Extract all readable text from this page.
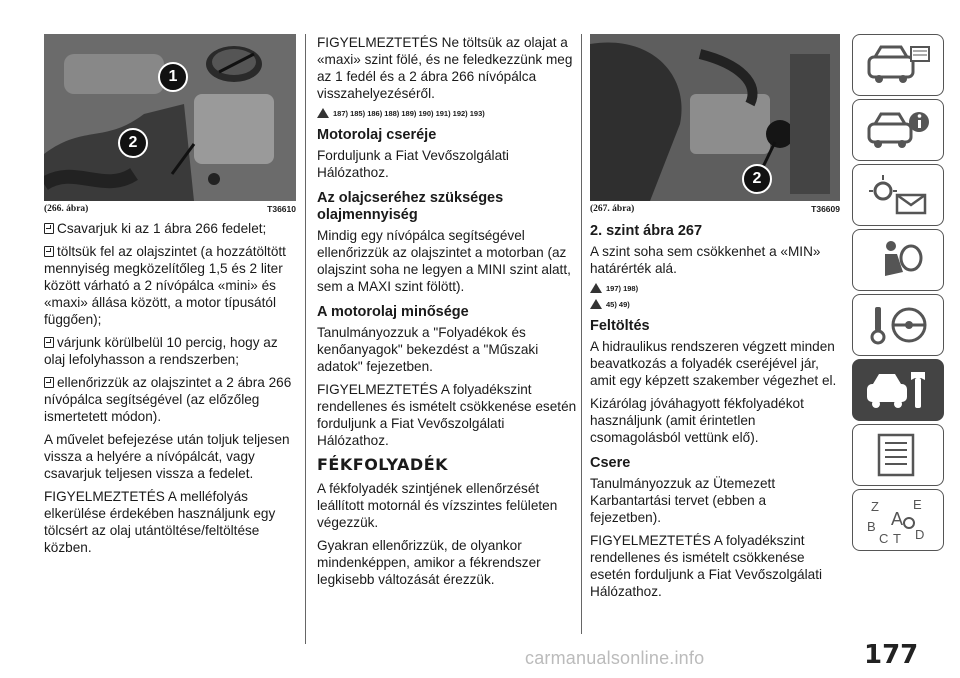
1
2
(266. ábra)	T36610

Csavarjuk ki az 1 ábra 266 fedelet;

töltsük fel az olajszintet (a hozzátöltött mennyiség megközelítőleg 1,5 és 2 liter között várható a 2 nívópálca «mini» és «maxi» állása között, a motor típusától függően);

várjunk körülbelül 10 percig, hogy az olaj lefolyhasson a rendszerben;

ellenőrizzük az olajszintet a 2 ábra 266 nívópálca segítségével (az előzőleg ismertetett módon).

A művelet befejezése után toljuk teljesen vissza a helyére a nívópálcát, vagy csavarjuk teljesen vissza a fedelet.

FIGYELMEZTETÉS A melléfolyás elkerülése érdekében használjunk egy tölcsért az olaj utántöltése/feltöltése közben.

FIGYELMEZTETÉS Ne töltsük az olajat a «maxi» szint fölé, és ne feledkezzünk meg az 1 fedél és a 2 ábra 266 nívópálca visszahelyezéséről.

187) 185) 186) 188) 189) 190) 191) 192) 193)
Motorolaj cseréje

Forduljunk a Fiat Vevőszolgálati Hálózathoz.

Az olajcseréhez szükséges olajmennyiség

Mindig egy nívópálca segítségével ellenőrizzük az olajszintet a motorban (az olajszint soha ne legyen a MINI szint alatt, sem a MAXI szint fölött).

A motorolaj minősége

Tanulmányozzuk a "Folyadékok és kenőanyagok" bekezdést a "Műszaki adatok" fejezetben.

FIGYELMEZTETÉS A folyadékszint rendellenes és ismételt csökkenése esetén forduljunk a Fiat Vevőszolgálati Hálózathoz.

FÉKFOLYADÉK

A fékfolyadék szintjének ellenőrzését leállított motornál és vízszintes felületen végezzük.

Gyakran ellenőrizzük, de olyankor mindenképpen, amikor a fékrendszer legkisebb változását érezzük.

2
(267. ábra)	T36609
2. szint ábra 267

A szint soha sem csökkenhet a «MIN» határérték alá.

197) 198)
45) 49)
Feltöltés

A hidraulikus rendszeren végzett minden beavatkozás a folyadék cseréjével jár, amit egy képzett szakember végezhet el.

Kizárólag jóváhagyott fékfolyadékot használjunk (amit érintetlen csomagolásból vettünk elő).

Csere

Tanulmányozzuk az Ütemezett Karbantartási tervet (ebben a fejezetben).

FIGYELMEZTETÉS A folyadékszint rendellenes és ismételt csökkenése esetén forduljunk a Fiat Vevőszolgálati Hálózathoz.

Z	E
A
B
C T D
177
carmanualsonline.info
